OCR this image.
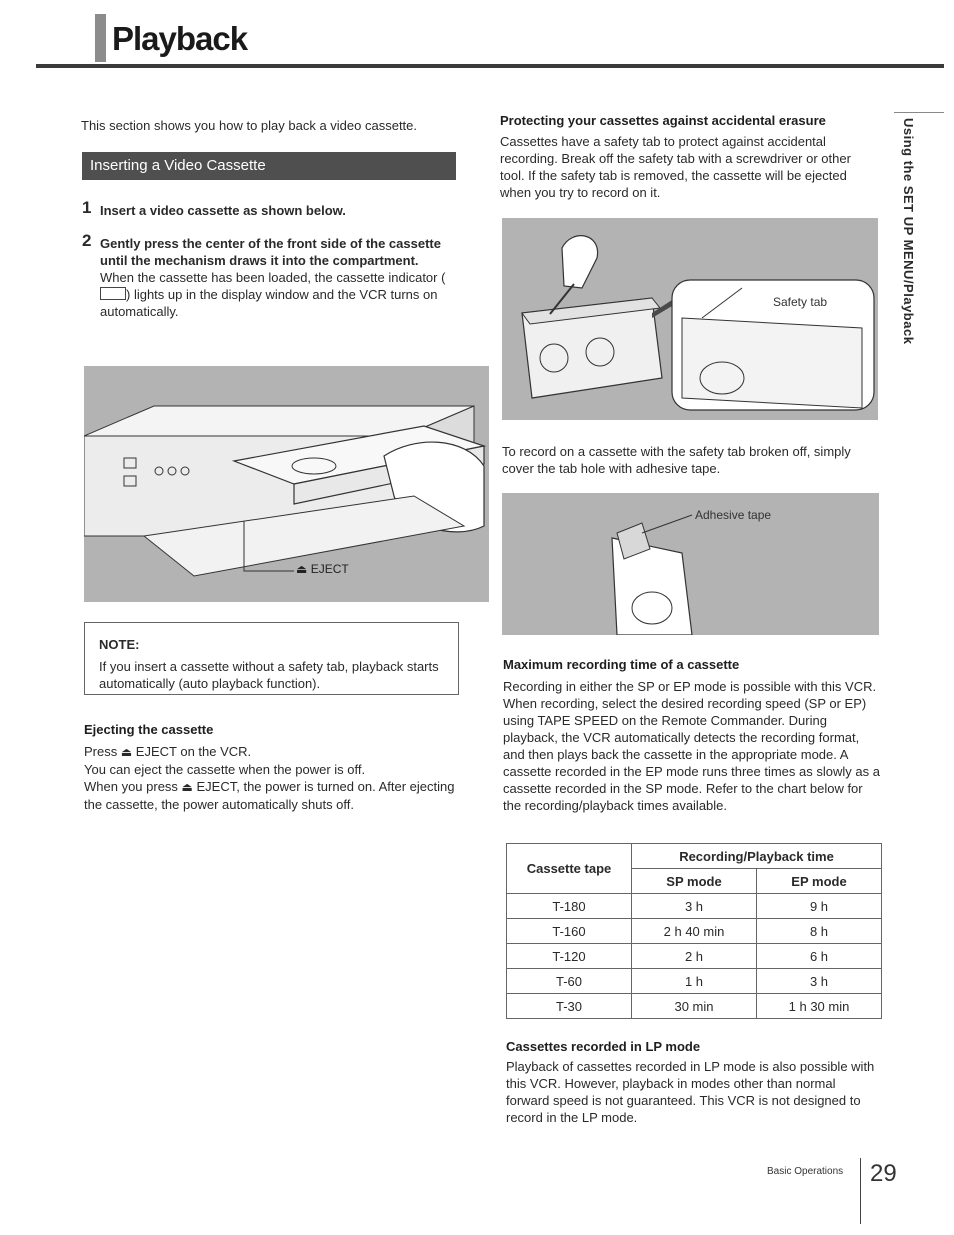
Playback
Using the SET UP MENU/Playback
This section shows you how to play back a video cassette.
Inserting a Video Cassette
1 Insert a video cassette as shown below.
2 Gently press the center of the front side of the cassette until the mechanism draws it into the compartment.
When the cassette has been loaded, the cassette indicator () lights up in the display window and the VCR turns on automatically.
⏏ EJECT
NOTE:
If you insert a cassette without a safety tab, playback starts automatically (auto playback function).
Ejecting the cassette
Press ⏏ EJECT on the VCR.
You can eject the cassette when the power is off.
When you press ⏏ EJECT, the power is turned on. After ejecting the cassette, the power automatically shuts off.
Protecting your cassettes against accidental erasure
Cassettes have a safety tab to protect against accidental recording. Break off the safety tab with a screwdriver or other tool. If the safety tab is removed, the cassette will be ejected when you try to record on it.
Safety tab
To record on a cassette with the safety tab broken off, simply cover the tab hole with adhesive tape.
Adhesive tape
Maximum recording time of a cassette
Recording in either the SP or EP mode is possible with this VCR. When recording, select the desired recording speed (SP or EP) using TAPE SPEED on the Remote Commander. During playback, the VCR automatically detects the recording format, and then plays back the cassette in the appropriate mode. A cassette recorded in the EP mode runs three times as slowly as a cassette recorded in the SP mode. Refer to the chart below for the recording/playback times available.
Cassette tape	Recording/Playback time	
	SP mode	EP mode
T-180	3 h	9 h
T-160	2 h 40 min	8 h
T-120	2 h	6 h
T-60	1 h	3 h
T-30	30 min	1 h 30 min
Cassettes recorded in LP mode
Playback of cassettes recorded in LP mode is also possible with this VCR. However, playback in modes other than normal forward speed is not guaranteed. This VCR is not designed to record in the LP mode.
Basic Operations 29
